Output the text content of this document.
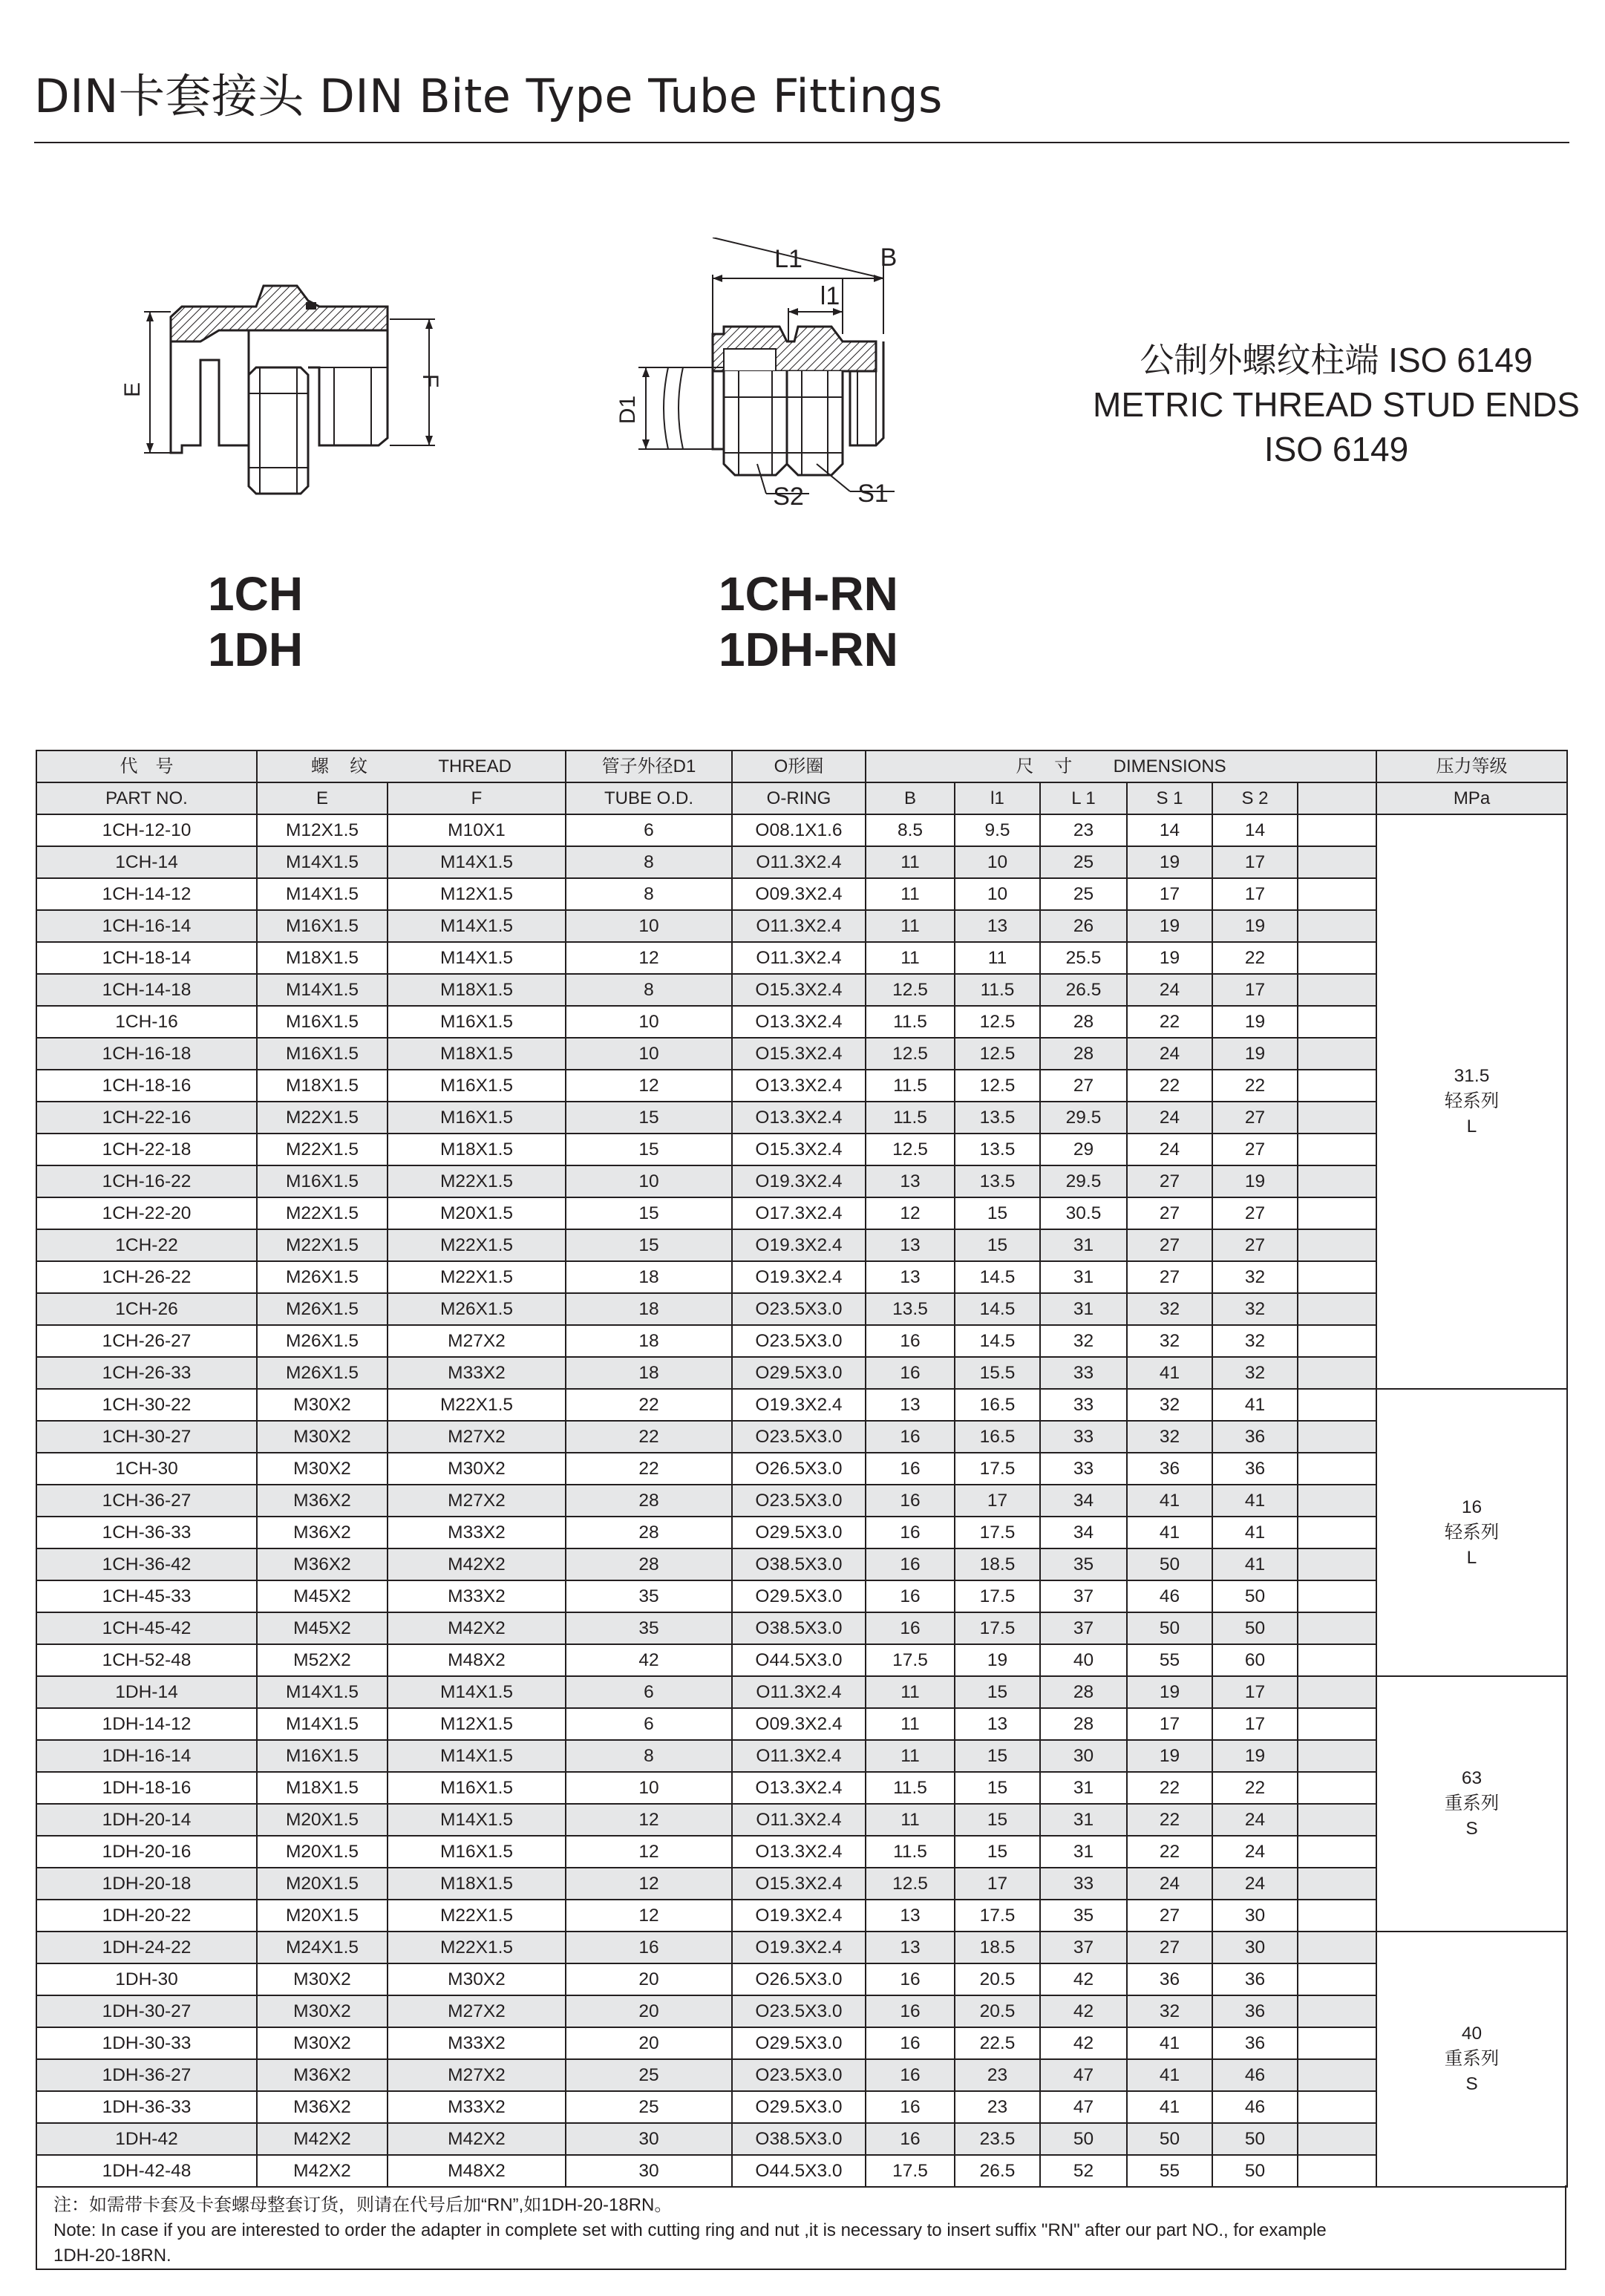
DIN卡套接头 DIN Bite Type Tube Fittings
E
F
1CH
1DH
L1	B
l1
D1
S2 S1
1CH-RN
1DH-RN
公制外螺纹柱端 ISO 6149
METRIC THREAD STUD ENDS
ISO 6149
代　号	螺　纹 THREAD		管子外径D1	O形圈	尺　寸 DIMENSIONS						压力等级
PART NO.	E	F	TUBE O.D.	O-RING	B	l1	L 1	S 1	S 2		MPa
1CH-12-10	M12X1.5	M10X1	6	O08.1X1.6	8.5	9.5	23	14	14		31.5
轻系列
L

1CH-14	M14X1.5	M14X1.5	8	O11.3X2.4	11	10	25	19	17		
1CH-14-12	M14X1.5	M12X1.5	8	O09.3X2.4	11	10	25	17	17		
1CH-16-14	M16X1.5	M14X1.5	10	O11.3X2.4	11	13	26	19	19		
1CH-18-14	M18X1.5	M14X1.5	12	O11.3X2.4	11	11	25.5	19	22		
1CH-14-18	M14X1.5	M18X1.5	8	O15.3X2.4	12.5	11.5	26.5	24	17		
1CH-16	M16X1.5	M16X1.5	10	O13.3X2.4	11.5	12.5	28	22	19		
1CH-16-18	M16X1.5	M18X1.5	10	O15.3X2.4	12.5	12.5	28	24	19		
1CH-18-16	M18X1.5	M16X1.5	12	O13.3X2.4	11.5	12.5	27	22	22		
1CH-22-16	M22X1.5	M16X1.5	15	O13.3X2.4	11.5	13.5	29.5	24	27		
1CH-22-18	M22X1.5	M18X1.5	15	O15.3X2.4	12.5	13.5	29	24	27		
1CH-16-22	M16X1.5	M22X1.5	10	O19.3X2.4	13	13.5	29.5	27	19		
1CH-22-20	M22X1.5	M20X1.5	15	O17.3X2.4	12	15	30.5	27	27		
1CH-22	M22X1.5	M22X1.5	15	O19.3X2.4	13	15	31	27	27		
1CH-26-22	M26X1.5	M22X1.5	18	O19.3X2.4	13	14.5	31	27	32		
1CH-26	M26X1.5	M26X1.5	18	O23.5X3.0	13.5	14.5	31	32	32		
1CH-26-27	M26X1.5	M27X2	18	O23.5X3.0	16	14.5	32	32	32		
1CH-26-33	M26X1.5	M33X2	18	O29.5X3.0	16	15.5	33	41	32		
1CH-30-22	M30X2	M22X1.5	22	O19.3X2.4	13	16.5	33	32	41		16
轻系列
L

1CH-30-27	M30X2	M27X2	22	O23.5X3.0	16	16.5	33	32	36		
1CH-30	M30X2	M30X2	22	O26.5X3.0	16	17.5	33	36	36		
1CH-36-27	M36X2	M27X2	28	O23.5X3.0	16	17	34	41	41		
1CH-36-33	M36X2	M33X2	28	O29.5X3.0	16	17.5	34	41	41		
1CH-36-42	M36X2	M42X2	28	O38.5X3.0	16	18.5	35	50	41		
1CH-45-33	M45X2	M33X2	35	O29.5X3.0	16	17.5	37	46	50		
1CH-45-42	M45X2	M42X2	35	O38.5X3.0	16	17.5	37	50	50		
1CH-52-48	M52X2	M48X2	42	O44.5X3.0	17.5	19	40	55	60		
1DH-14	M14X1.5	M14X1.5	6	O11.3X2.4	11	15	28	19	17		63
重系列
S

1DH-14-12	M14X1.5	M12X1.5	6	O09.3X2.4	11	13	28	17	17		
1DH-16-14	M16X1.5	M14X1.5	8	O11.3X2.4	11	15	30	19	19		
1DH-18-16	M18X1.5	M16X1.5	10	O13.3X2.4	11.5	15	31	22	22		
1DH-20-14	M20X1.5	M14X1.5	12	O11.3X2.4	11	15	31	22	24		
1DH-20-16	M20X1.5	M16X1.5	12	O13.3X2.4	11.5	15	31	22	24		
1DH-20-18	M20X1.5	M18X1.5	12	O15.3X2.4	12.5	17	33	24	24		
1DH-20-22	M20X1.5	M22X1.5	12	O19.3X2.4	13	17.5	35	27	30		
1DH-24-22	M24X1.5	M22X1.5	16	O19.3X2.4	13	18.5	37	27	30		40
重系列
S

1DH-30	M30X2	M30X2	20	O26.5X3.0	16	20.5	42	36	36		
1DH-30-27	M30X2	M27X2	20	O23.5X3.0	16	20.5	42	32	36		
1DH-30-33	M30X2	M33X2	20	O29.5X3.0	16	22.5	42	41	36		
1DH-36-27	M36X2	M27X2	25	O23.5X3.0	16	23	47	41	46		
1DH-36-33	M36X2	M33X2	25	O29.5X3.0	16	23	47	41	46		
1DH-42	M42X2	M42X2	30	O38.5X3.0	16	23.5	50	50	50		
1DH-42-48	M42X2	M48X2	30	O44.5X3.0	17.5	26.5	52	55	50		
注：如需带卡套及卡套螺母整套订货，则请在代号后加“RN”,如1DH-20-18RN。
Note: In case if you are interested to order the adapter in complete set with cutting ring and nut ,it is necessary to insert suffix "RN" after our part NO., for example
1DH-20-18RN.
